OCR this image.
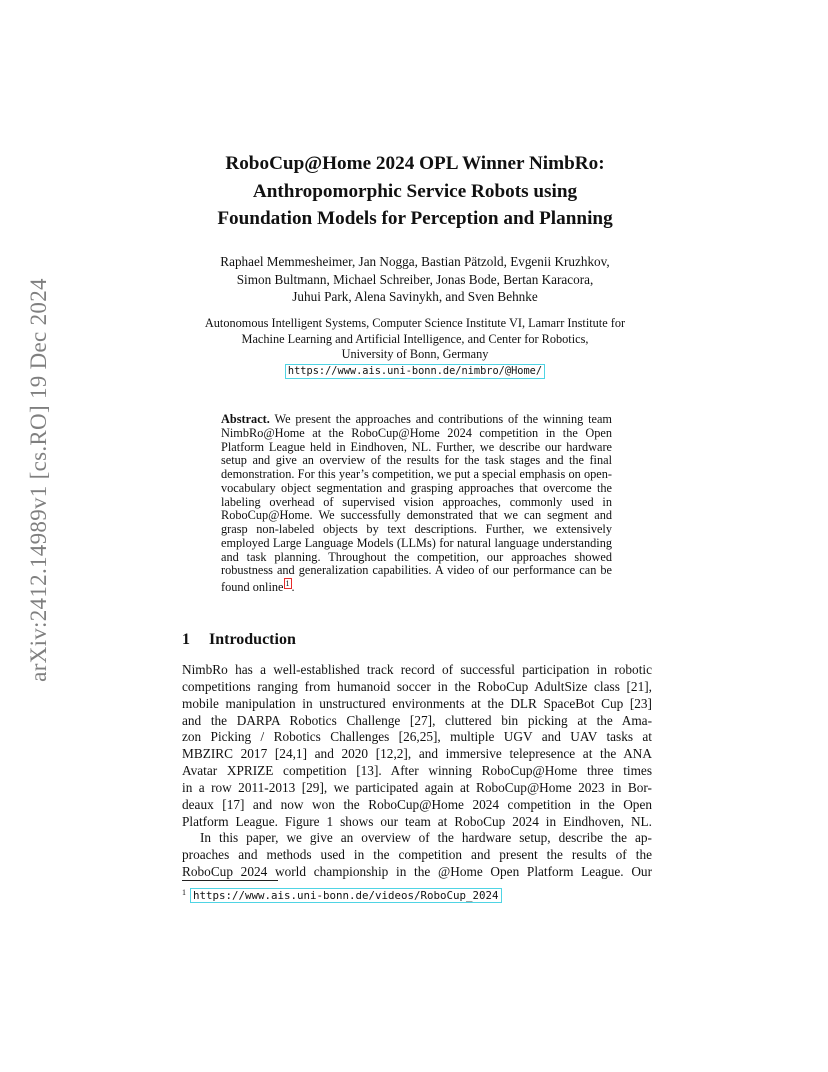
arXiv:2412.14989v1 [cs.RO] 19 Dec 2024
RoboCup@Home 2024 OPL Winner NimbRo:
Anthropomorphic Service Robots using
Foundation Models for Perception and Planning
Raphael Memmesheimer, Jan Nogga, Bastian Pätzold, Evgenii Kruzhkov,
Simon Bultmann, Michael Schreiber, Jonas Bode, Bertan Karacora,
Juhui Park, Alena Savinykh, and Sven Behnke
Autonomous Intelligent Systems, Computer Science Institute VI, Lamarr Institute for
Machine Learning and Artificial Intelligence, and Center for Robotics,
University of Bonn, Germany
https://www.ais.uni-bonn.de/nimbro/@Home/
Abstract. We present the approaches and contributions of the winning team NimbRo@Home at the RoboCup@Home 2024 competition in the Open Platform League held in Eindhoven, NL. Further, we describe our hardware setup and give an overview of the results for the task stages and the final demonstration. For this year’s competition, we put a special emphasis on open-vocabulary object segmentation and grasping approaches that overcome the labeling overhead of supervised vision approaches, commonly used in RoboCup@Home. We successfully demonstrated that we can segment and grasp non-labeled objects by text descriptions. Further, we extensively employed Large Language Models (LLMs) for natural language understanding and task planning. Throughout the competition, our approaches showed robustness and generalization capabilities. A video of our performance can be found online 1 .
1 Introduction
NimbRo has a well-established track record of successful participation in robotic
competitions ranging from humanoid soccer in the RoboCup AdultSize class [21],
mobile manipulation in unstructured environments at the DLR SpaceBot Cup [23]
and the DARPA Robotics Challenge [27], cluttered bin picking at the Ama-
zon Picking / Robotics Challenges [26,25], multiple UGV and UAV tasks at
MBZIRC 2017 [24,1] and 2020 [12,2], and immersive telepresence at the ANA
Avatar XPRIZE competition [13]. After winning RoboCup@Home three times
in a row 2011-2013 [29], we participated again at RoboCup@Home 2023 in Bor-
deaux [17] and now won the RoboCup@Home 2024 competition in the Open
Platform League. Figure 1 shows our team at RoboCup 2024 in Eindhoven, NL.
In this paper, we give an overview of the hardware setup, describe the ap-
proaches and methods used in the competition and present the results of the
RoboCup 2024 world championship in the @Home Open Platform League. Our
$^1$ https://www.ais.uni-bonn.de/videos/RoboCup_2024
